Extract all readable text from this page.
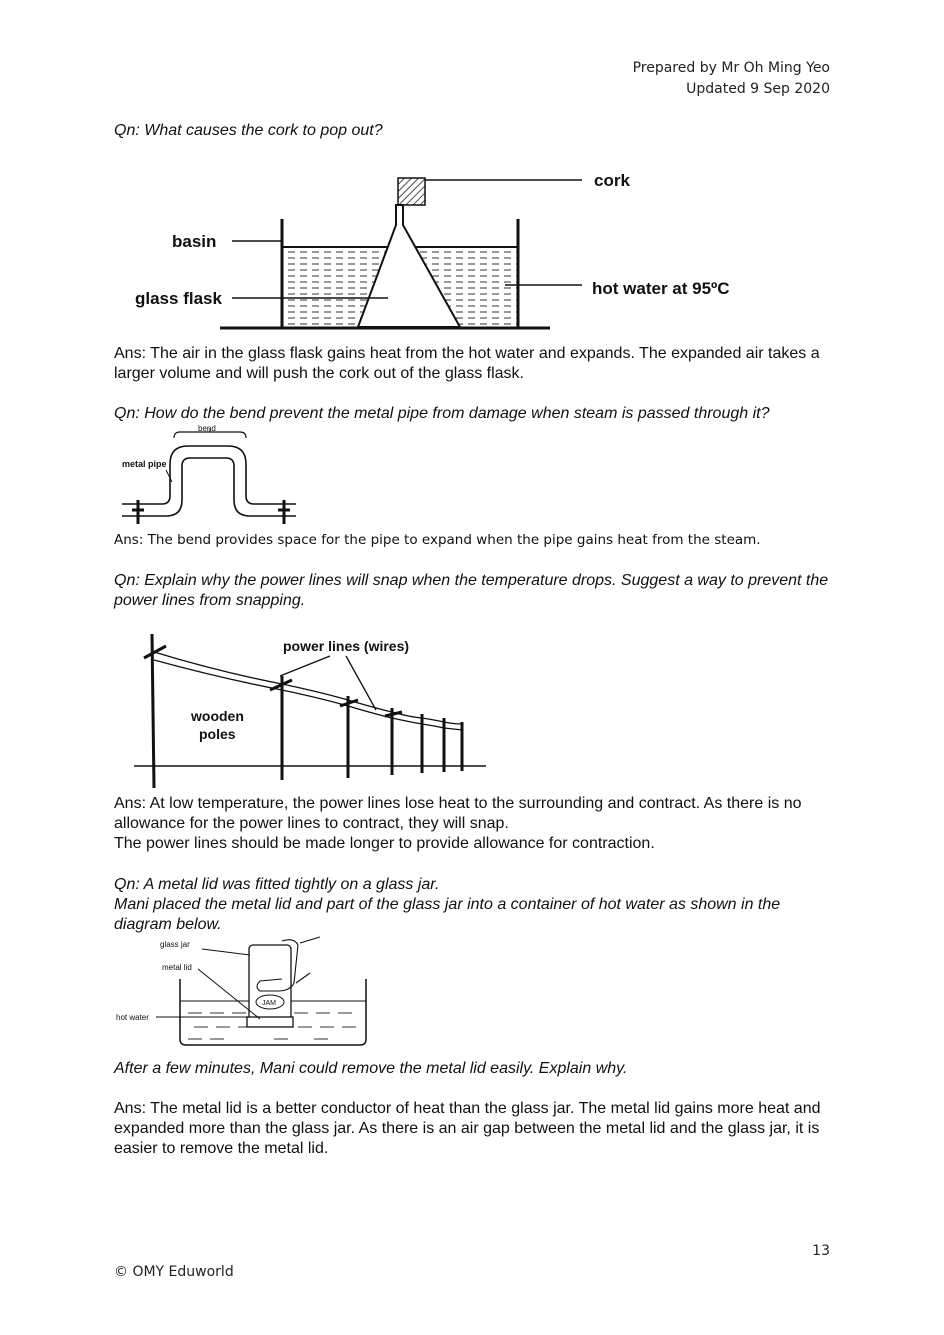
Prepared by Mr Oh Ming Yeo
Updated 9 Sep 2020
Qn: What causes the cork to pop out?
cork
basin
glass flask
hot water at 95ºC
Ans: The air in the glass flask gains heat from the hot water and expands. The expanded air takes a larger volume and will push the cork out of the glass flask.
Qn: How do the bend prevent the metal pipe from damage when steam is passed through it?
bend
metal pipe
Ans: The bend provides space for the pipe to expand when the pipe gains heat from the steam.
Qn: Explain why the power lines will snap when the temperature drops. Suggest a way to prevent the power lines from snapping.
power lines (wires)
wooden
poles
Ans: At low temperature, the power lines lose heat to the surrounding and contract. As there is no allowance for the power lines to contract, they will snap.
The power lines should be made longer to provide allowance for contraction.
Qn: A metal lid was fitted tightly on a glass jar.
Mani placed the metal lid and part of the glass jar into a container of hot water as shown in the diagram below.
JAM
glass jar
metal lid
hot water
After a few minutes, Mani could remove the metal lid easily. Explain why.
Ans: The metal lid is a better conductor of heat than the glass jar. The metal lid gains more heat and expanded more than the glass jar. As there is an air gap between the metal lid and the glass jar, it is easier to remove the metal lid.
13
© OMY Eduworld
